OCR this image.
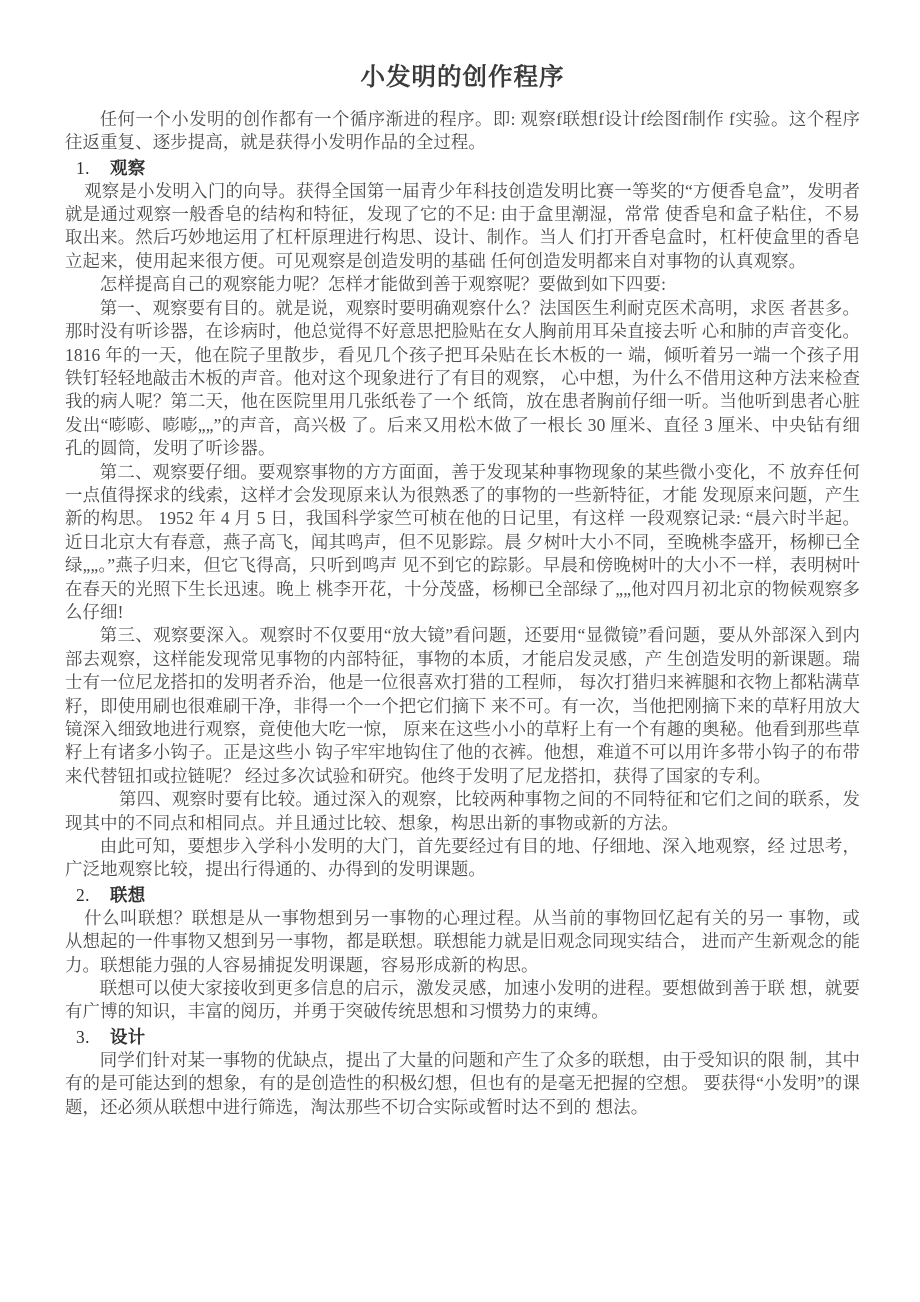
小发明的创作程序

任何一个小发明的创作都有一个循序渐进的程序。即: 观察f联想f设计f绘图f制作 f实验。这个程序往返重复、逐步提高，就是获得小发明作品的全过程。

1. 观察

观察是小发明入门的向导。获得全国第一届青少年科技创造发明比赛一等奖的“方便香皂盒”，发明者就是通过观察一般香皂的结构和特征，发现了它的不足: 由于盒里潮湿，常常 使香皂和盒子粘住，不易取出来。然后巧妙地运用了杠杆原理进行构思、设计、制作。当人 们打开香皂盒时，杠杆使盒里的香皂立起来，使用起来很方便。可见观察是创造发明的基础 任何创造发明都来自对事物的认真观察。

怎样提高自己的观察能力呢？怎样才能做到善于观察呢？要做到如下四要:

第一、观察要有目的。就是说，观察时要明确观察什么？法国医生利耐克医术高明，求医 者甚多。那时没有听诊器，在诊病时，他总觉得不好意思把脸贴在女人胸前用耳朵直接去听 心和肺的声音变化。 1816 年的一天，他在院子里散步，看见几个孩子把耳朵贴在长木板的一 端，倾听着另一端一个孩子用铁钉轻轻地敲击木板的声音。他对这个现象进行了有目的观察， 心中想，为什么不借用这种方法来检查我的病人呢？第二天，他在医院里用几张纸卷了一个 纸筒，放在患者胸前仔细一听。当他听到患者心脏发出“嘭嘭、嘭嘭„„”的声音，高兴极 了。后来又用松木做了一根长 30 厘米、直径 3 厘米、中央钻有细孔的圆筒，发明了听诊器。

第二、观察要仔细。要观察事物的方方面面，善于发现某种事物现象的某些微小变化，不 放弃任何一点值得探求的线索，这样才会发现原来认为很熟悉了的事物的一些新特征，才能 发现原来问题，产生新的构思。 1952 年 4 月 5 日，我国科学家竺可桢在他的日记里，有这样 一段观察记录: “晨六时半起。近日北京大有春意，燕子高飞，闻其鸣声，但不见影踪。晨 夕树叶大小不同，至晚桃李盛开，杨柳已全绿„„。”燕子归来，但它飞得高，只听到鸣声 见不到它的踪影。早晨和傍晚树叶的大小不一样，表明树叶在春天的光照下生长迅速。晚上 桃李开花，十分茂盛，杨柳已全部绿了„„他对四月初北京的物候观察多么仔细!

第三、观察要深入。观察时不仅要用“放大镜”看问题，还要用“显微镜”看问题，要从外部深入到内部去观察，这样能发现常见事物的内部特征，事物的本质，才能启发灵感，产 生创造发明的新课题。瑞士有一位尼龙搭扣的发明者乔治，他是一位很喜欢打猎的工程师， 每次打猎归来裤腿和衣物上都粘满草籽，即使用刷也很难刷干净，非得一个一个把它们摘下 来不可。有一次，当他把刚摘下来的草籽用放大镜深入细致地进行观察，竟使他大吃一惊， 原来在这些小小的草籽上有一个有趣的奥秘。他看到那些草籽上有诸多小钩子。正是这些小 钩子牢牢地钩住了他的衣裤。他想，难道不可以用许多带小钩子的布带来代替钮扣或拉链呢？ 经过多次试验和研究。他终于发明了尼龙搭扣，获得了国家的专利。

第四、观察时要有比较。通过深入的观察，比较两种事物之间的不同特征和它们之间的联系，发现其中的不同点和相同点。并且通过比较、想象，构思出新的事物或新的方法。

由此可知，要想步入学科小发明的大门，首先要经过有目的地、仔细地、深入地观察，经 过思考，广泛地观察比较，提出行得通的、办得到的发明课题。

2. 联想

什么叫联想？联想是从一事物想到另一事物的心理过程。从当前的事物回忆起有关的另一 事物，或从想起的一件事物又想到另一事物，都是联想。联想能力就是旧观念同现实结合， 进而产生新观念的能力。联想能力强的人容易捕捉发明课题，容易形成新的构思。

联想可以使大家接收到更多信息的启示，激发灵感，加速小发明的进程。要想做到善于联 想，就要有广博的知识，丰富的阅历，并勇于突破传统思想和习惯势力的束缚。

3. 设计

同学们针对某一事物的优缺点，提出了大量的问题和产生了众多的联想，由于受知识的限 制，其中有的是可能达到的想象，有的是创造性的积极幻想，但也有的是毫无把握的空想。 要获得“小发明”的课题，还必须从联想中进行筛选，淘汰那些不切合实际或暂时达不到的 想法。
